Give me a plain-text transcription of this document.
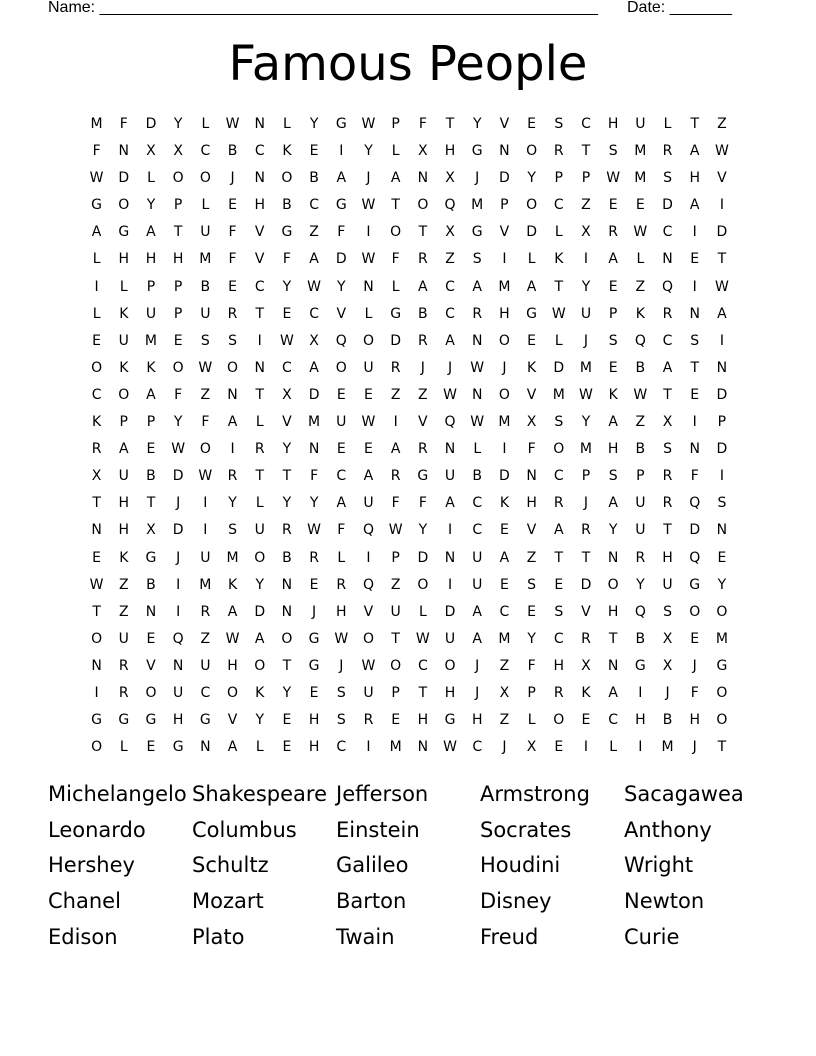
Name: ________________________________________________________ Date: _______
Famous People
M	F	D	Y	L	W	N	L	Y	G	W	P	F	T	Y	V	E	S	C	H	U	L	T	Z
F	N	X	X	C	B	C	K	E	I	Y	L	X	H	G	N	O	R	T	S	M	R	A	W
W	D	L	O	O	J	N	O	B	A	J	A	N	X	J	D	Y	P	P	W	M	S	H	V
G	O	Y	P	L	E	H	B	C	G	W	T	O	Q	M	P	O	C	Z	E	E	D	A	I
A	G	A	T	U	F	V	G	Z	F	I	O	T	X	G	V	D	L	X	R	W	C	I	D
L	H	H	H	M	F	V	F	A	D	W	F	R	Z	S	I	L	K	I	A	L	N	E	T
I	L	P	P	B	E	C	Y	W	Y	N	L	A	C	A	M	A	T	Y	E	Z	Q	I	W
L	K	U	P	U	R	T	E	C	V	L	G	B	C	R	H	G	W	U	P	K	R	N	A
E	U	M	E	S	S	I	W	X	Q	O	D	R	A	N	O	E	L	J	S	Q	C	S	I
O	K	K	O	W	O	N	C	A	O	U	R	J	J	W	J	K	D	M	E	B	A	T	N
C	O	A	F	Z	N	T	X	D	E	E	Z	Z	W	N	O	V	M	W	K	W	T	E	D
K	P	P	Y	F	A	L	V	M	U	W	I	V	Q	W	M	X	S	Y	A	Z	X	I	P
R	A	E	W	O	I	R	Y	N	E	E	A	R	N	L	I	F	O	M	H	B	S	N	D
X	U	B	D	W	R	T	T	F	C	A	R	G	U	B	D	N	C	P	S	P	R	F	I
T	H	T	J	I	Y	L	Y	Y	A	U	F	F	A	C	K	H	R	J	A	U	R	Q	S
N	H	X	D	I	S	U	R	W	F	Q	W	Y	I	C	E	V	A	R	Y	U	T	D	N
E	K	G	J	U	M	O	B	R	L	I	P	D	N	U	A	Z	T	T	N	R	H	Q	E
W	Z	B	I	M	K	Y	N	E	R	Q	Z	O	I	U	E	S	E	D	O	Y	U	G	Y
T	Z	N	I	R	A	D	N	J	H	V	U	L	D	A	C	E	S	V	H	Q	S	O	O
O	U	E	Q	Z	W	A	O	G	W	O	T	W	U	A	M	Y	C	R	T	B	X	E	M
N	R	V	N	U	H	O	T	G	J	W	O	C	O	J	Z	F	H	X	N	G	X	J	G
I	R	O	U	C	O	K	Y	E	S	U	P	T	H	J	X	P	R	K	A	I	J	F	O
G	G	G	H	G	V	Y	E	H	S	R	E	H	G	H	Z	L	O	E	C	H	B	H	O
O	L	E	G	N	A	L	E	H	C	I	M	N	W	C	J	X	E	I	L	I	M	J	T
Michelangelo Shakespeare Jefferson	Armstrong	Sacagawea
Leonardo	Columbus	Einstein	Socrates	Anthony
Hershey	Schultz	Galileo	Houdini	Wright
Chanel	Mozart	Barton	Disney	Newton
Edison	Plato	Twain	Freud	Curie
